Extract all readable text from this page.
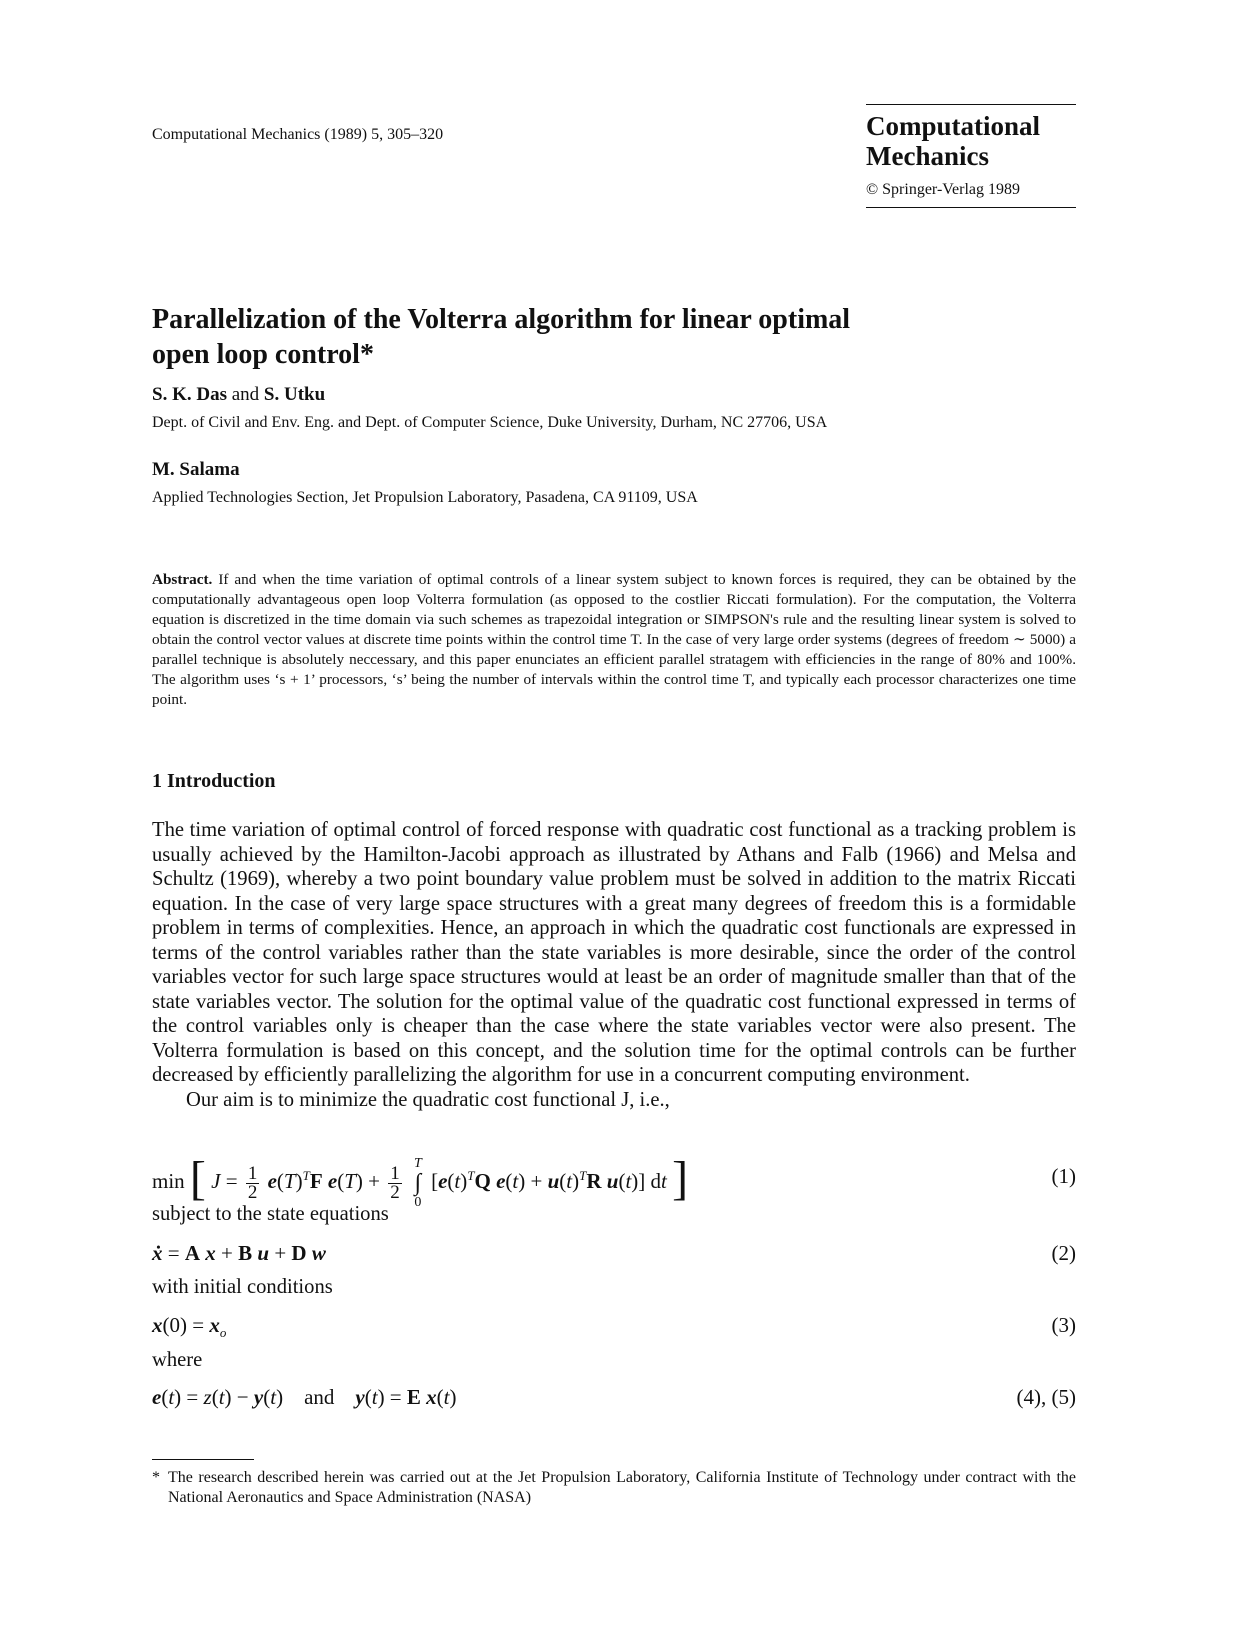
Computational Mechanics (1989) 5, 305–320	Computational
Mechanics
© Springer-Verlag 1989
Parallelization of the Volterra algorithm for linear optimal
open loop control*
S. K. Das and S. Utku
Dept. of Civil and Env. Eng. and Dept. of Computer Science, Duke University, Durham, NC 27706, USA
M. Salama
Applied Technologies Section, Jet Propulsion Laboratory, Pasadena, CA 91109, USA
Abstract. If and when the time variation of optimal controls of a linear system subject to known forces is required, they can be obtained by the computationally advantageous open loop Volterra formulation (as opposed to the costlier Riccati formulation). For the computation, the Volterra equation is discretized in the time domain via such schemes as trapezoidal integration or SIMPSON's rule and the resulting linear system is solved to obtain the control vector values at discrete time points within the control time T. In the case of very large order systems (degrees of freedom ∼ 5000) a parallel technique is absolutely neccessary, and this paper enunciates an efficient parallel stratagem with efficiencies in the range of 80% and 100%. The algorithm uses ‘s + 1’ processors, ‘s’ being the number of intervals within the control time T, and typically each processor characterizes one time point.
1 Introduction
The time variation of optimal control of forced response with quadratic cost functional as a tracking problem is usually achieved by the Hamilton-Jacobi approach as illustrated by Athans and Falb (1966) and Melsa and Schultz (1969), whereby a two point boundary value problem must be solved in addition to the matrix Riccati equation. In the case of very large space structures with a great many degrees of freedom this is a formidable problem in terms of complexities. Hence, an approach in which the quadratic cost functionals are expressed in terms of the control variables rather than the state variables is more desirable, since the order of the control variables vector for such large space structures would at least be an order of magnitude smaller than that of the state variables vector. The solution for the optimal value of the quadratic cost functional expressed in terms of the control variables only is cheaper than the case where the state variables vector were also present. The Volterra formulation is based on this concept, and the solution time for the optimal controls can be further decreased by efficiently parallelizing the algorithm for use in a concurrent computing environment.
Our aim is to minimize the quadratic cost functional J, i.e.,
min [ $J = \frac{1}{2} e(T)^TF$ $e(T) + \frac{1}{2}$
T
∫
0 [$e(t)^TQ$ $e(t) + u(t)^TR$ u(t)] dt ]	(1)
subject to the state equations
ẋ = A x + B u + D w	(2)
with initial conditions
$x(0) = x_o$	(3)
where
e(t) = z(t) − y(t)    and y(t) = E x(t)	(4), (5)
* The research described herein was carried out at the Jet Propulsion Laboratory, California Institute of Technology under contract with the National Aeronautics and Space Administration (NASA)
